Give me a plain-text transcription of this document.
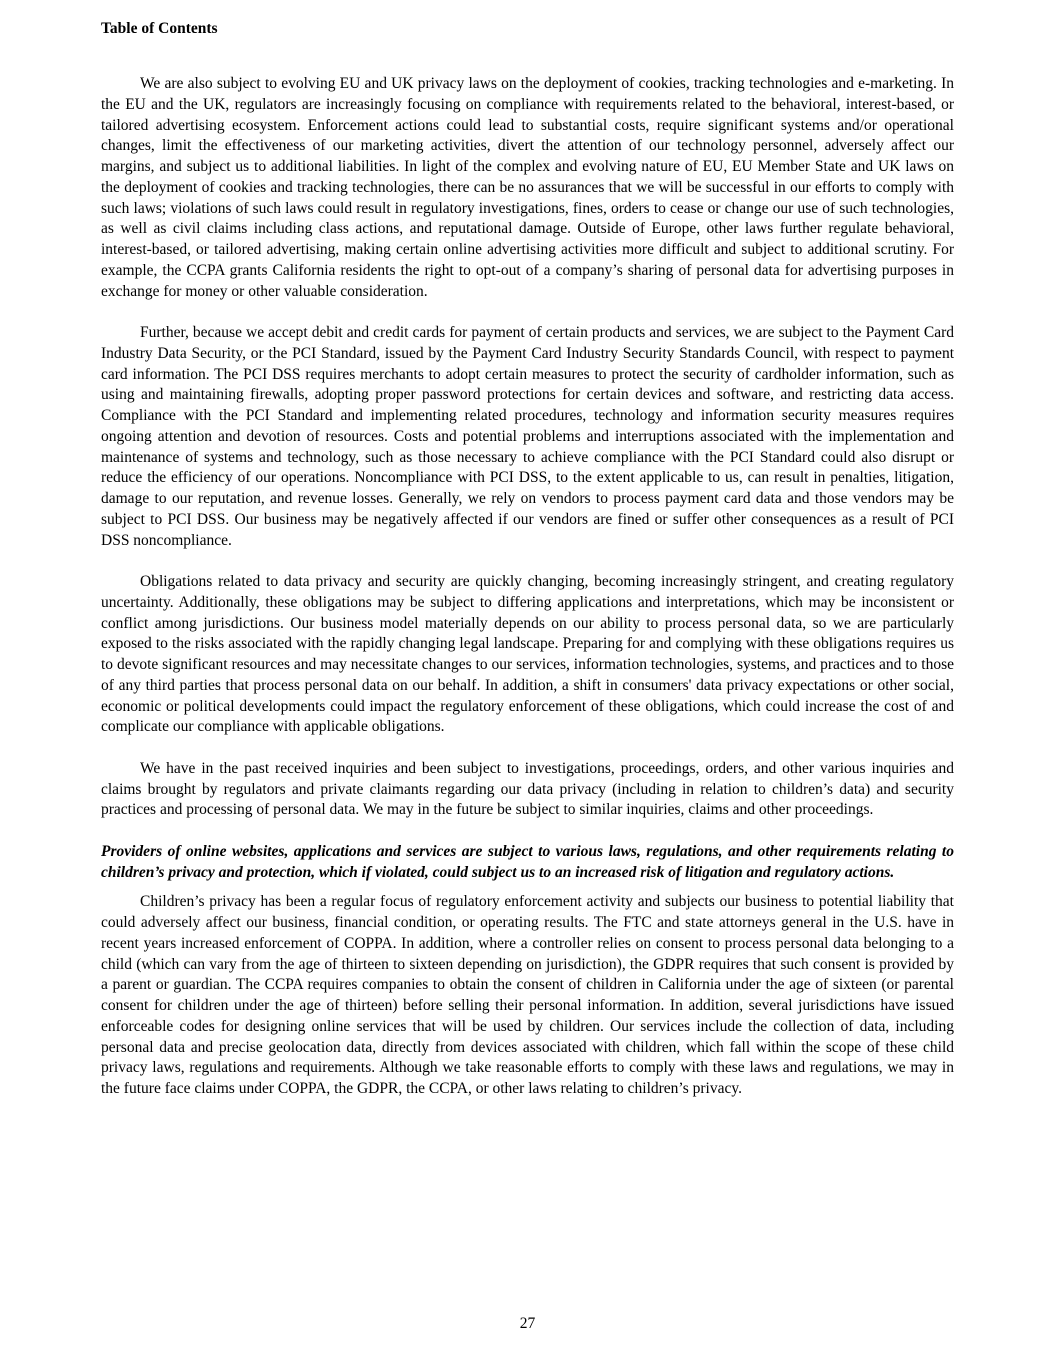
Table of Contents

We are also subject to evolving EU and UK privacy laws on the deployment of cookies, tracking technologies and e-marketing. In the EU and the UK, regulators are increasingly focusing on compliance with requirements related to the behavioral, interest-based, or tailored advertising ecosystem. Enforcement actions could lead to substantial costs, require significant systems and/or operational changes, limit the effectiveness of our marketing activities, divert the attention of our technology personnel, adversely affect our margins, and subject us to additional liabilities. In light of the complex and evolving nature of EU, EU Member State and UK laws on the deployment of cookies and tracking technologies, there can be no assurances that we will be successful in our efforts to comply with such laws; violations of such laws could result in regulatory investigations, fines, orders to cease or change our use of such technologies, as well as civil claims including class actions, and reputational damage. Outside of Europe, other laws further regulate behavioral, interest-based, or tailored advertising, making certain online advertising activities more difficult and subject to additional scrutiny. For example, the CCPA grants California residents the right to opt-out of a company’s sharing of personal data for advertising purposes in exchange for money or other valuable consideration.

Further, because we accept debit and credit cards for payment of certain products and services, we are subject to the Payment Card Industry Data Security, or the PCI Standard, issued by the Payment Card Industry Security Standards Council, with respect to payment card information. The PCI DSS requires merchants to adopt certain measures to protect the security of cardholder information, such as using and maintaining firewalls, adopting proper password protections for certain devices and software, and restricting data access. Compliance with the PCI Standard and implementing related procedures, technology and information security measures requires ongoing attention and devotion of resources. Costs and potential problems and interruptions associated with the implementation and maintenance of systems and technology, such as those necessary to achieve compliance with the PCI Standard could also disrupt or reduce the efficiency of our operations. Noncompliance with PCI DSS, to the extent applicable to us, can result in penalties, litigation, damage to our reputation, and revenue losses. Generally, we rely on vendors to process payment card data and those vendors may be subject to PCI DSS. Our business may be negatively affected if our vendors are fined or suffer other consequences as a result of PCI DSS noncompliance.

Obligations related to data privacy and security are quickly changing, becoming increasingly stringent, and creating regulatory uncertainty. Additionally, these obligations may be subject to differing applications and interpretations, which may be inconsistent or conflict among jurisdictions. Our business model materially depends on our ability to process personal data, so we are particularly exposed to the risks associated with the rapidly changing legal landscape. Preparing for and complying with these obligations requires us to devote significant resources and may necessitate changes to our services, information technologies, systems, and practices and to those of any third parties that process personal data on our behalf. In addition, a shift in consumers' data privacy expectations or other social, economic or political developments could impact the regulatory enforcement of these obligations, which could increase the cost of and complicate our compliance with applicable obligations.

We have in the past received inquiries and been subject to investigations, proceedings, orders, and other various inquiries and claims brought by regulators and private claimants regarding our data privacy (including in relation to children’s data) and security practices and processing of personal data. We may in the future be subject to similar inquiries, claims and other proceedings.

Providers of online websites, applications and services are subject to various laws, regulations, and other requirements relating to children’s privacy and protection, which if violated, could subject us to an increased risk of litigation and regulatory actions.

Children’s privacy has been a regular focus of regulatory enforcement activity and subjects our business to potential liability that could adversely affect our business, financial condition, or operating results. The FTC and state attorneys general in the U.S. have in recent years increased enforcement of COPPA. In addition, where a controller relies on consent to process personal data belonging to a child (which can vary from the age of thirteen to sixteen depending on jurisdiction), the GDPR requires that such consent is provided by a parent or guardian. The CCPA requires companies to obtain the consent of children in California under the age of sixteen (or parental consent for children under the age of thirteen) before selling their personal information. In addition, several jurisdictions have issued enforceable codes for designing online services that will be used by children. Our services include the collection of data, including personal data and precise geolocation data, directly from devices associated with children, which fall within the scope of these child privacy laws, regulations and requirements. Although we take reasonable efforts to comply with these laws and regulations, we may in the future face claims under COPPA, the GDPR, the CCPA, or other laws relating to children’s privacy.

27
